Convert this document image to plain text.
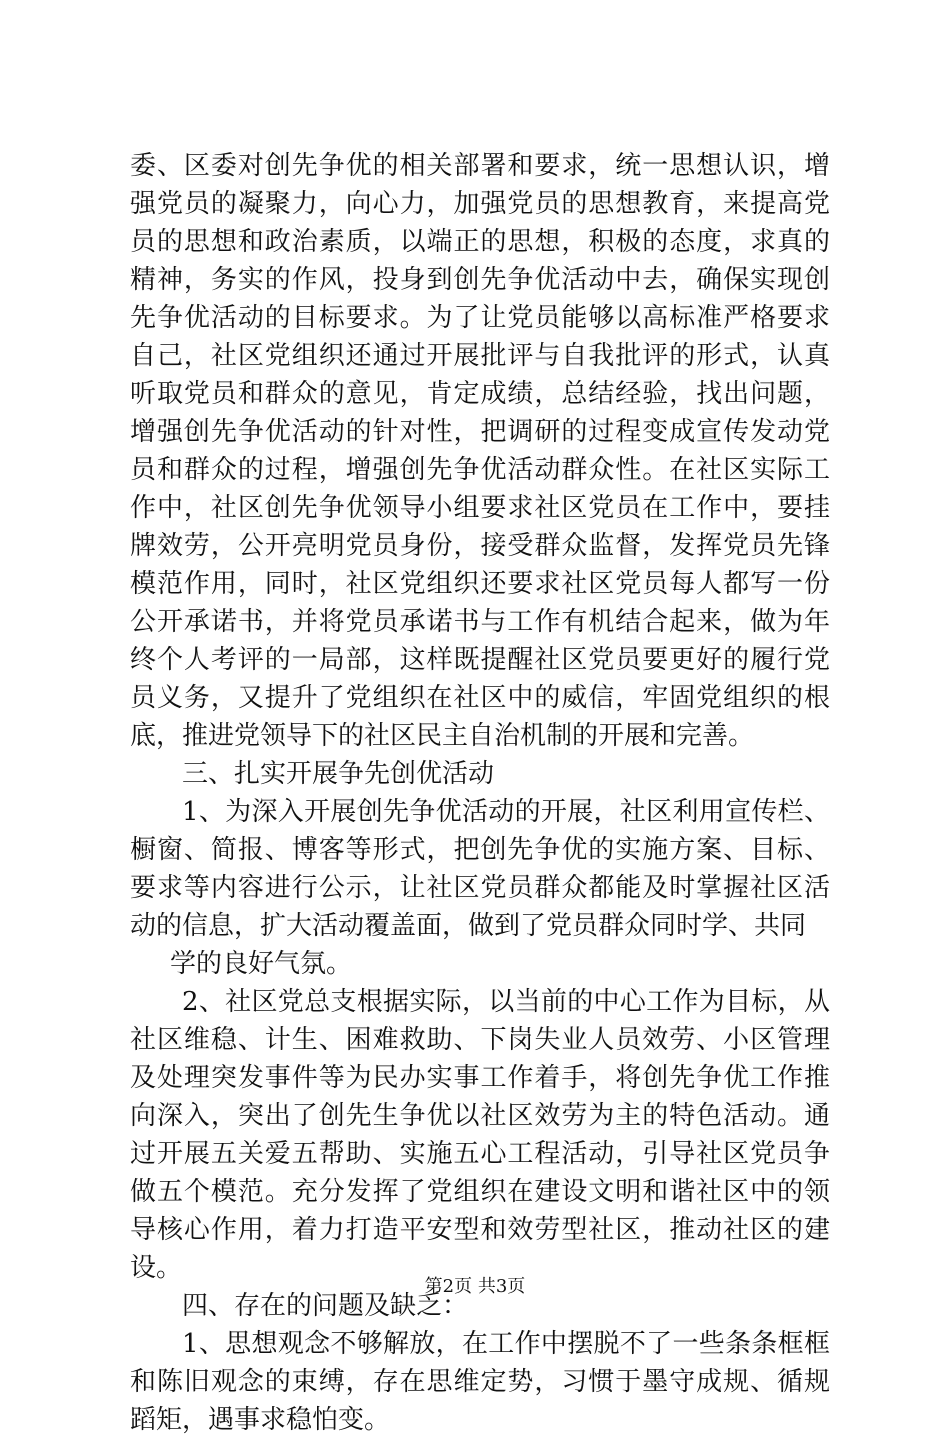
委、区委对创先争优的相关部署和要求，统一思想认识，增强党员的凝聚力，向心力，加强党员的思想教育，来提高党员的思想和政治素质，以端正的思想，积极的态度，求真的精神，务实的作风，投身到创先争优活动中去，确保实现创先争优活动的目标要求。为了让党员能够以高标准严格要求自己，社区党组织还通过开展批评与自我批评的形式，认真听取党员和群众的意见，肯定成绩，总结经验，找出问题，增强创先争优活动的针对性，把调研的过程变成宣传发动党员和群众的过程，增强创先争优活动群众性。在社区实际工作中，社区创先争优领导小组要求社区党员在工作中，要挂牌效劳，公开亮明党员身份，接受群众监督，发挥党员先锋模范作用，同时，社区党组织还要求社区党员每人都写一份公开承诺书，并将党员承诺书与工作有机结合起来，做为年终个人考评的一局部，这样既提醒社区党员要更好的履行党员义务，又提升了党组织在社区中的威信，牢固党组织的根底，推进党领导下的社区民主自治机制的开展和完善。

三、扎实开展争先创优活动

1、为深入开展创先争优活动的开展，社区利用宣传栏、橱窗、简报、博客等形式，把创先争优的实施方案、目标、要求等内容进行公示，让社区党员群众都能及时掌握社区活动的信息，扩大活动覆盖面，做到了党员群众同时学、共同

学的良好气氛。

2、社区党总支根据实际，以当前的中心工作为目标，从社区维稳、计生、困难救助、下岗失业人员效劳、小区管理及处理突发事件等为民办实事工作着手，将创先争优工作推向深入，突出了创先生争优以社区效劳为主的特色活动。通过开展五关爱五帮助、实施五心工程活动，引导社区党员争做五个模范。充分发挥了党组织在建设文明和谐社区中的领导核心作用，着力打造平安型和效劳型社区，推动社区的建设。

四、存在的问题及缺乏：

1、思想观念不够解放，在工作中摆脱不了一些条条框框和陈旧观念的束缚，存在思维定势，习惯于墨守成规、循规蹈矩，遇事求稳怕变。

第2页 共3页
